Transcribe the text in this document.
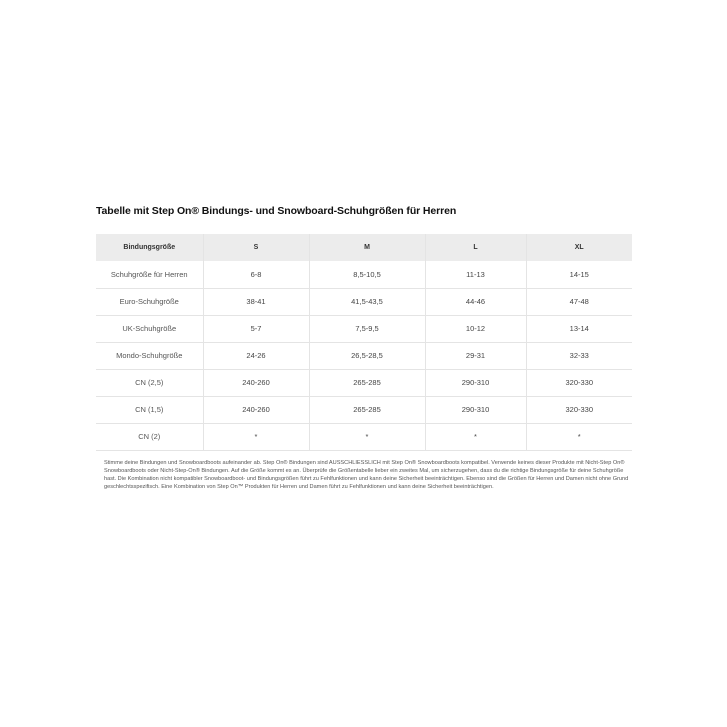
Tabelle mit Step On® Bindungs- und Snowboard-Schuhgrößen für Herren
Bindungsgröße	S	M	L	XL
Schuhgröße für Herren	6-8	8,5-10,5	11-13	14-15
Euro-Schuhgröße	38-41	41,5-43,5	44-46	47-48
UK-Schuhgröße	5-7	7,5-9,5	10-12	13-14
Mondo-Schuhgröße	24-26	26,5-28,5	29-31	32-33
CN (2,5)	240-260	265-285	290-310	320-330
CN (1,5)	240-260	265-285	290-310	320-330
CN (2)	*	*	*	*

Stimme deine Bindungen und Snowboardboots aufeinander ab. Step On® Bindungen sind AUSSCHLIESSLICH mit Step On® Snowboardboots kompatibel. Verwende keines dieser Produkte mit Nicht-Step On® Snowboardboots oder Nicht-Step-On® Bindungen. Auf die Größe kommt es an. Überprüfe die Größentabelle lieber ein zweites Mal, um sicherzugehen, dass du die richtige Bindungsgröße für deine Schuhgröße hast. Die Kombination nicht kompatibler Snowboardboot- und Bindungsgrößen führt zu Fehlfunktionen und kann deine Sicherheit beeinträchtigen. Ebenso sind die Größen für Herren und Damen nicht ohne Grund geschlechtsspezifisch. Eine Kombination von Step On™ Produkten für Herren und Damen führt zu Fehlfunktionen und kann deine Sicherheit beeinträchtigen.
